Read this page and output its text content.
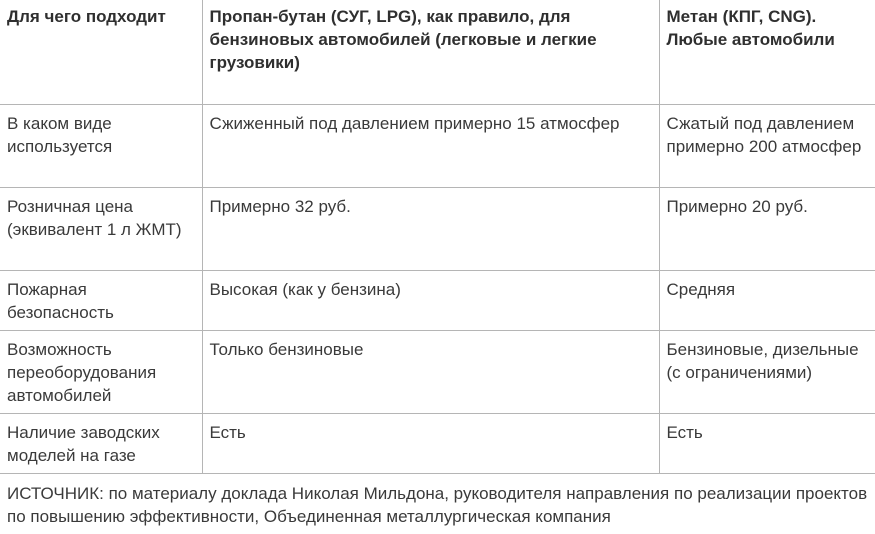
Для чего подходит	Пропан-бутан (СУГ, LPG), как правило, для бензиновых автомобилей (легковые и легкие грузовики)	Метан (КПГ, CNG). Любые автомобили
В каком виде используется	Сжиженный под давлением примерно 15 атмосфер	Сжатый под давлением примерно 200 атмосфер
Розничная цена (эквивалент 1 л ЖМТ)	Примерно 32 руб.	Примерно 20 руб.
Пожарная безопасность	Высокая (как у бензина)	Средняя
Возможность переоборудования автомобилей	Только бензиновые	Бензиновые, дизельные (с ограничениями)
Наличие заводских моделей на газе	Есть	Есть
ИСТОЧНИК: по материалу доклада Николая Мильдона, руководителя направления по реализации проектов по повышению эффективности, Объединенная металлургическая компания		
